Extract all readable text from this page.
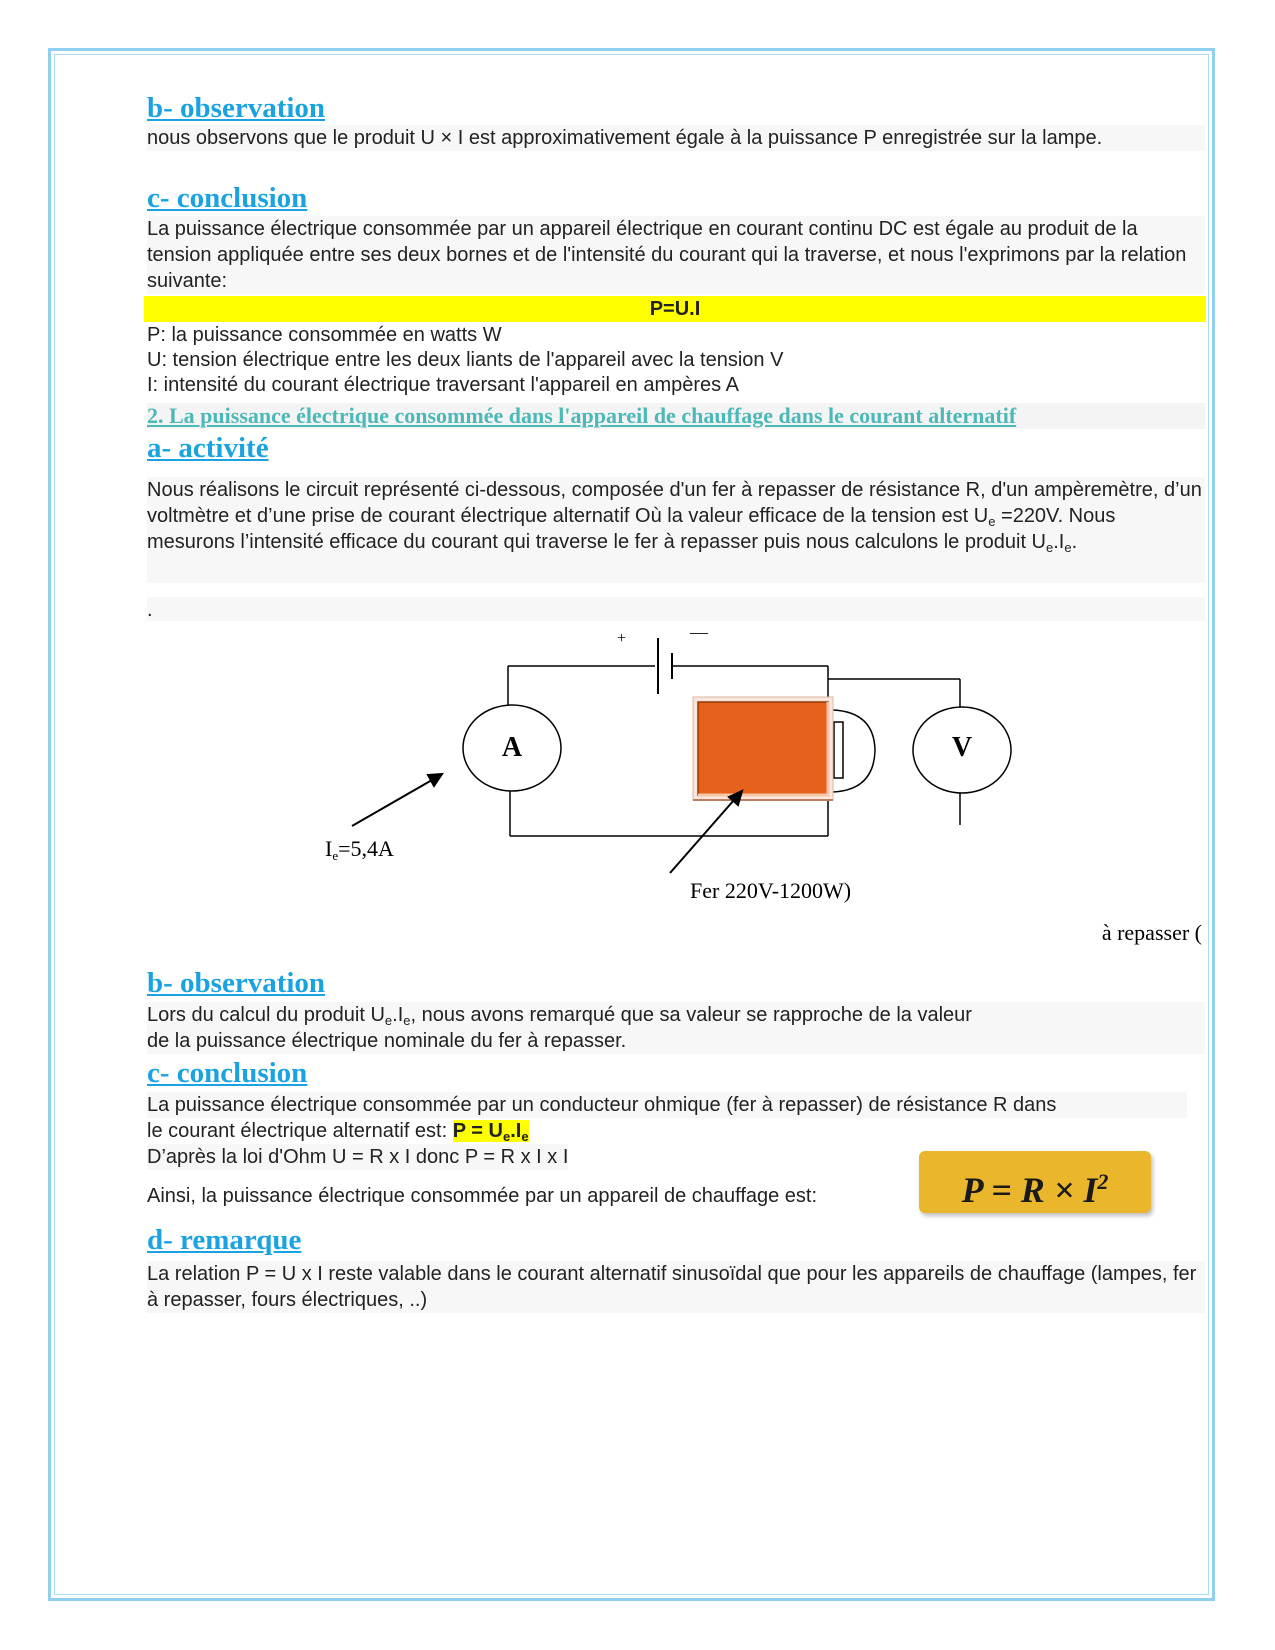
b- observation
nous observons que le produit U × I est approximativement égale à la puissance P enregistrée sur la lampe.
c- conclusion
La puissance électrique consommée par un appareil électrique en courant continu DC est égale au produit de la tension appliquée entre ses deux bornes et de l'intensité du courant qui la traverse, et nous l'exprimons par la relation suivante:
P=U.I
P: la puissance consommée en watts W
U: tension électrique entre les deux liants de l'appareil avec la tension V
I: intensité du courant électrique traversant l'appareil en ampères A
2. La puissance électrique consommée dans l'appareil de chauffage dans le courant alternatif
a- activité
Nous réalisons le circuit représenté ci-dessous, composée d'un fer à repasser de résistance R, d'un ampèremètre, d’un voltmètre et d’une prise de courant électrique alternatif Où la valeur efficace de la tension est $U_e =220V$. Nous mesurons l’intensité efficace du courant qui traverse le fer à repasser puis nous calculons le produit $U_e.I_e$.
.
+	—
A	V
Ie=5,4A
Fer 220V-1200W)
à repasser (
b- observation
Lors du calcul du produit $U_e.I_e$, nous avons remarqué que sa valeur se rapproche de la valeur
de la puissance électrique nominale du fer à repasser.
c- conclusion
La puissance électrique consommée par un conducteur ohmique (fer à repasser) de résistance R dans
le courant électrique alternatif est: $P = U_e.I_e$
D’après la loi d'Ohm U = R x I donc P = R x I x I
Ainsi, la puissance électrique consommée par un appareil de chauffage est:	$P = R \times I^2$
d- remarque
La relation P = U x I reste valable dans le courant alternatif sinusoïdal que pour les appareils de chauffage (lampes, fer à repasser, fours électriques, ..)
